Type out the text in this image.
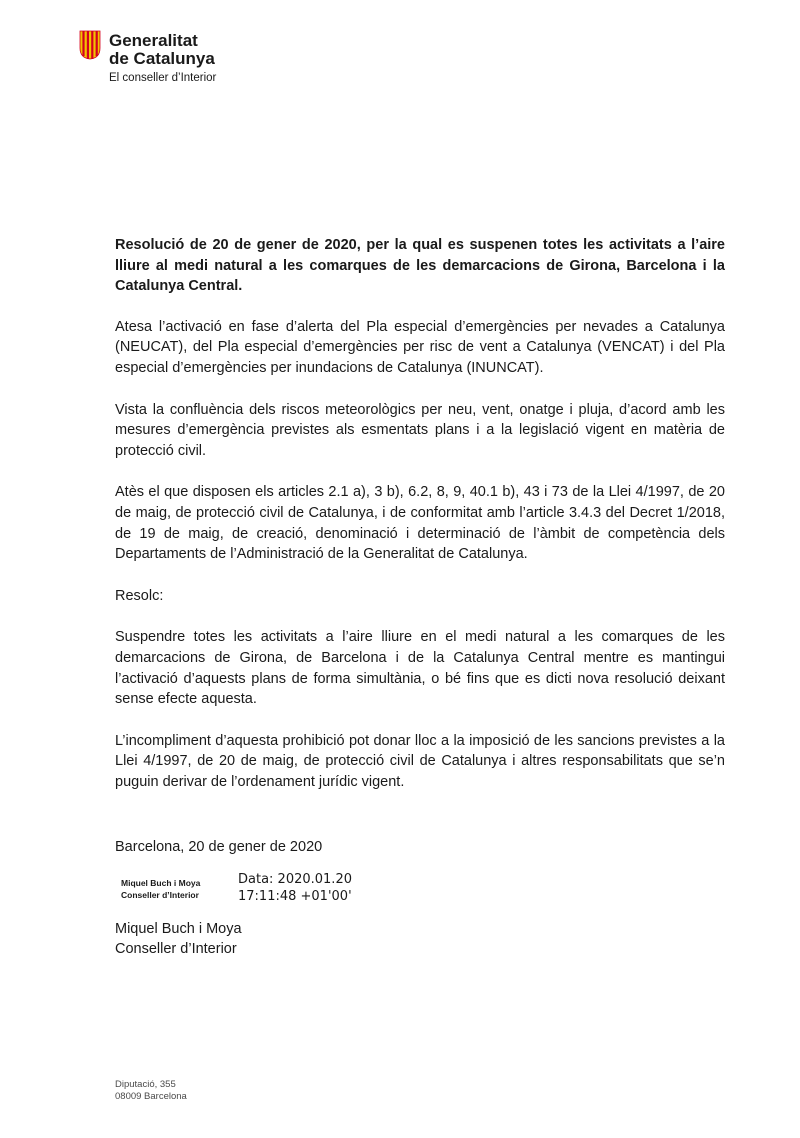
Generalitat
de Catalunya
El conseller d’Interior

Resolució de 20 de gener de 2020, per la qual es suspenen totes les activitats a l’aire lliure al medi natural a les comarques de les demarcacions de Girona, Barcelona i la Catalunya Central.

Atesa l’activació en fase d’alerta del Pla especial d’emergències per nevades a Catalunya (NEUCAT), del Pla especial d’emergències per risc de vent a Catalunya (VENCAT) i del Pla especial d’emergències per inundacions de Catalunya (INUNCAT).

Vista la confluència dels riscos meteorològics per neu, vent, onatge i pluja, d’acord amb les mesures d’emergència previstes als esmentats plans i a la legislació vigent en matèria de protecció civil.

Atès el que disposen els articles 2.1 a), 3 b), 6.2, 8, 9, 40.1 b), 43 i 73 de la Llei 4/1997, de 20 de maig, de protecció civil de Catalunya, i de conformitat amb l’article 3.4.3 del Decret 1/2018, de 19 de maig, de creació, denominació i determinació de l’àmbit de competència dels Departaments de l’Administració de la Generalitat de Catalunya.

Resolc:

Suspendre totes les activitats a l’aire lliure en el medi natural a les comarques de les demarcacions de Girona, de Barcelona i de la Catalunya Central mentre es mantingui l’activació d’aquests plans de forma simultània, o bé fins que es dicti nova resolució deixant sense efecte aquesta.

L’incompliment d’aquesta prohibició pot donar lloc a la imposició de les sancions previstes a la Llei 4/1997, de 20 de maig, de protecció civil de Catalunya i altres responsabilitats que se’n puguin derivar de l’ordenament jurídic vigent.

Barcelona, 20 de gener de 2020
Miquel Buch i Moya
Conseller d’Interior
Data: 2020.01.20
17:11:48 +01'00'
Miquel Buch i Moya
Conseller d’Interior
Diputació, 355
08009 Barcelona
